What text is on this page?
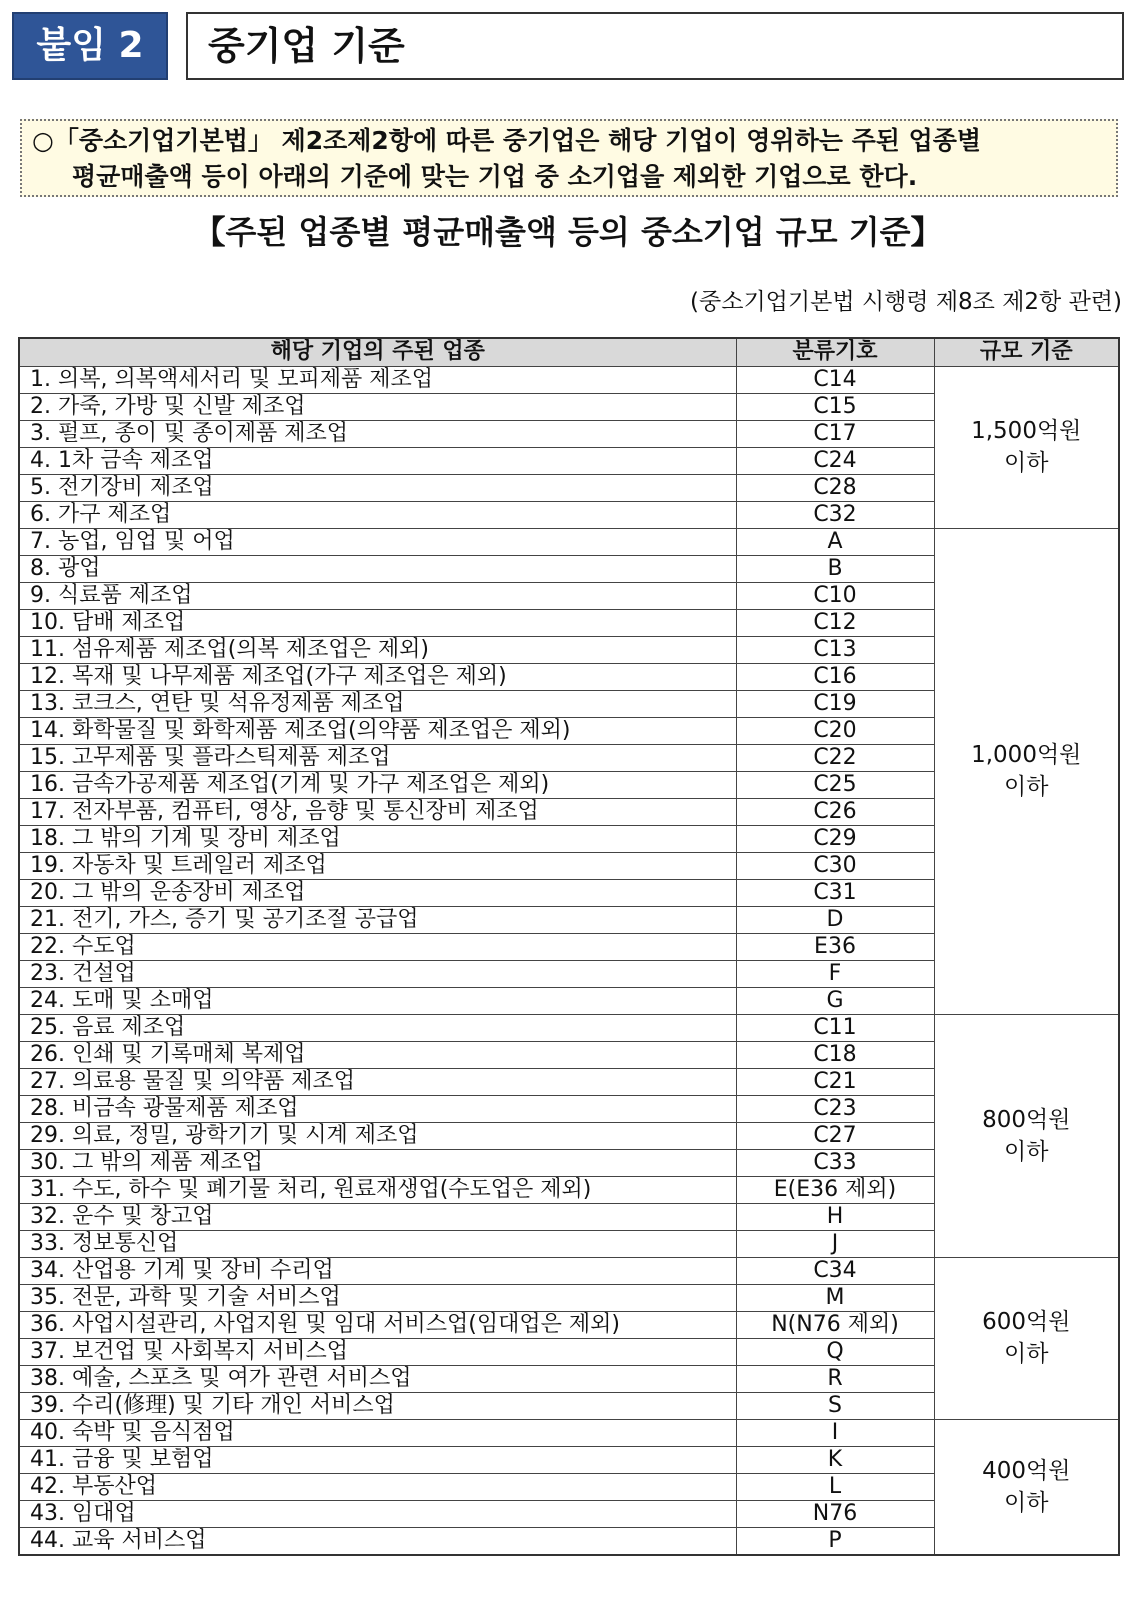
붙임 2	중기업 기준
○「중소기업기본법」 제2조제2항에 따른 중기업은 해당 기업이 영위하는 주된 업종별
평균매출액 등이 아래의 기준에 맞는 기업 중 소기업을 제외한 기업으로 한다.
【주된 업종별 평균매출액 등의 중소기업 규모 기준】
(중소기업기본법 시행령 제8조 제2항 관련)
해당 기업의 주된 업종	분류기호	규모 기준
1. 의복, 의복액세서리 및 모피제품 제조업	C14	1,500억원
이하

2. 가죽, 가방 및 신발 제조업	C15	
3. 펄프, 종이 및 종이제품 제조업	C17	
4. 1차 금속 제조업	C24	
5. 전기장비 제조업	C28	
6. 가구 제조업	C32	
7. 농업, 임업 및 어업	A	1,000억원
이하

8. 광업	B	
9. 식료품 제조업	C10	
10. 담배 제조업	C12	
11. 섬유제품 제조업(의복 제조업은 제외)	C13	
12. 목재 및 나무제품 제조업(가구 제조업은 제외)	C16	
13. 코크스, 연탄 및 석유정제품 제조업	C19	
14. 화학물질 및 화학제품 제조업(의약품 제조업은 제외)	C20	
15. 고무제품 및 플라스틱제품 제조업	C22	
16. 금속가공제품 제조업(기계 및 가구 제조업은 제외)	C25	
17. 전자부품, 컴퓨터, 영상, 음향 및 통신장비 제조업	C26	
18. 그 밖의 기계 및 장비 제조업	C29	
19. 자동차 및 트레일러 제조업	C30	
20. 그 밖의 운송장비 제조업	C31	
21. 전기, 가스, 증기 및 공기조절 공급업	D	
22. 수도업	E36	
23. 건설업	F	
24. 도매 및 소매업	G	
25. 음료 제조업	C11	800억원
이하

26. 인쇄 및 기록매체 복제업	C18	
27. 의료용 물질 및 의약품 제조업	C21	
28. 비금속 광물제품 제조업	C23	
29. 의료, 정밀, 광학기기 및 시계 제조업	C27	
30. 그 밖의 제품 제조업	C33	
31. 수도, 하수 및 폐기물 처리, 원료재생업(수도업은 제외)	E(E36 제외)	
32. 운수 및 창고업	H	
33. 정보통신업	J	
34. 산업용 기계 및 장비 수리업	C34	600억원
이하

35. 전문, 과학 및 기술 서비스업	M	
36. 사업시설관리, 사업지원 및 임대 서비스업(임대업은 제외)	N(N76 제외)	
37. 보건업 및 사회복지 서비스업	Q	
38. 예술, 스포츠 및 여가 관련 서비스업	R	
39. 수리(修理) 및 기타 개인 서비스업	S	
40. 숙박 및 음식점업	I	400억원
이하

41. 금융 및 보험업	K	
42. 부동산업	L	
43. 임대업	N76	
44. 교육 서비스업	P	
